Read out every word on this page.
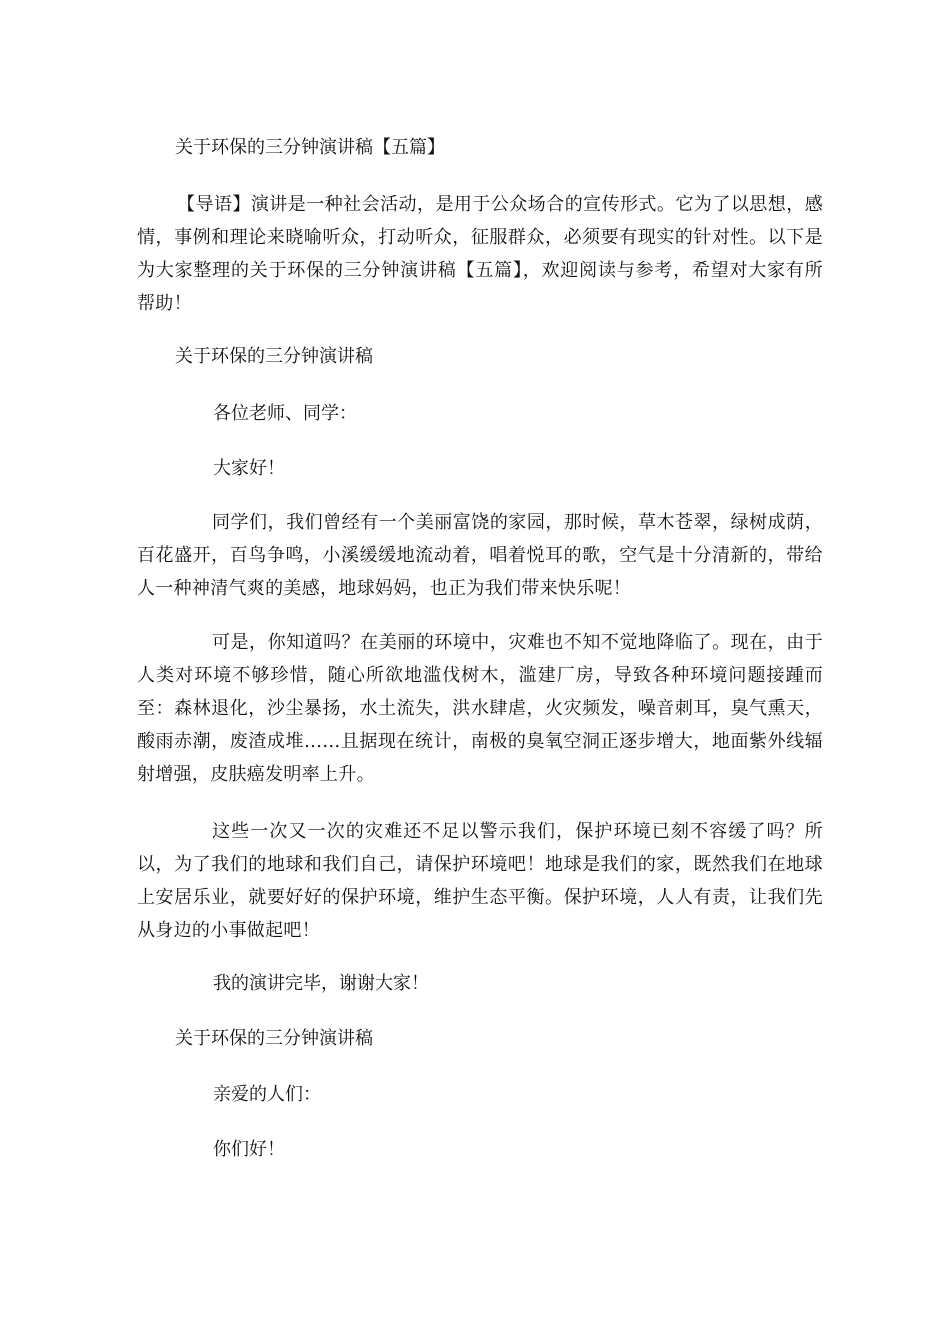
关于环保的三分钟演讲稿【五篇】

【导语】演讲是一种社会活动，是用于公众场合的宣传形式。它为了以思想，感情，事例和理论来晓喻听众，打动听众，征服群众，必须要有现实的针对性。以下是为大家整理的关于环保的三分钟演讲稿【五篇】，欢迎阅读与参考，希望对大家有所帮助！

关于环保的三分钟演讲稿

各位老师、同学：

大家好！

同学们，我们曾经有一个美丽富饶的家园，那时候，草木苍翠，绿树成荫，百花盛开，百鸟争鸣，小溪缓缓地流动着，唱着悦耳的歌，空气是十分清新的，带给人一种神清气爽的美感，地球妈妈，也正为我们带来快乐呢！

可是，你知道吗？在美丽的环境中，灾难也不知不觉地降临了。现在，由于人类对环境不够珍惜，随心所欲地滥伐树木，滥建厂房，导致各种环境问题接踵而至：森林退化，沙尘暴扬，水土流失，洪水肆虐，火灾频发，噪音刺耳，臭气熏天，酸雨赤潮，废渣成堆……且据现在统计，南极的臭氧空洞正逐步增大，地面紫外线辐射增强，皮肤癌发明率上升。

这些一次又一次的灾难还不足以警示我们，保护环境已刻不容缓了吗？所以，为了我们的地球和我们自己，请保护环境吧！地球是我们的家，既然我们在地球上安居乐业，就要好好的保护环境，维护生态平衡。保护环境，人人有责，让我们先从身边的小事做起吧！

我的演讲完毕，谢谢大家！

关于环保的三分钟演讲稿

亲爱的人们：

你们好！
